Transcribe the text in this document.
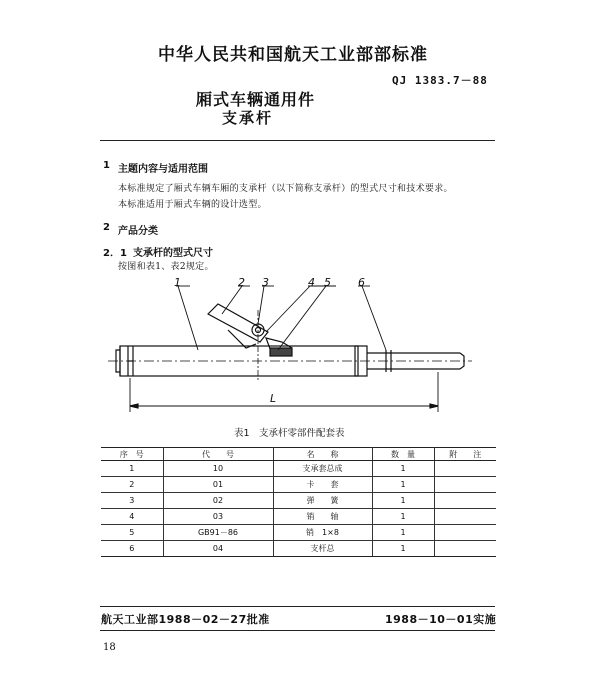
中华人民共和国航天工业部部标准
QJ 1383.7－88
厢式车辆通用件
支承杆
1 主题内容与适用范围
本标准规定了厢式车辆车厢的支承杆（以下简称支承杆）的型式尺寸和技术要求。
本标准适用于厢式车辆的设计选型。
2 产品分类
2．1 支承杆的型式尺寸
按图和表1、表2规定。
1	2 3	4 5 6
L
表1　支承杆零部件配套表
序　号	代　　号	名　　称	数　量	附　　注
1	10	支承套总成	1	
2	01	卡　　套	1	
3	02	弹　　簧	1	
4	03	销　　轴	1	
5	GB91－86	销　1×8	1	
6	04	支杆总	1	
航天工业部1988－02－27批准	1988－10－01实施
18
